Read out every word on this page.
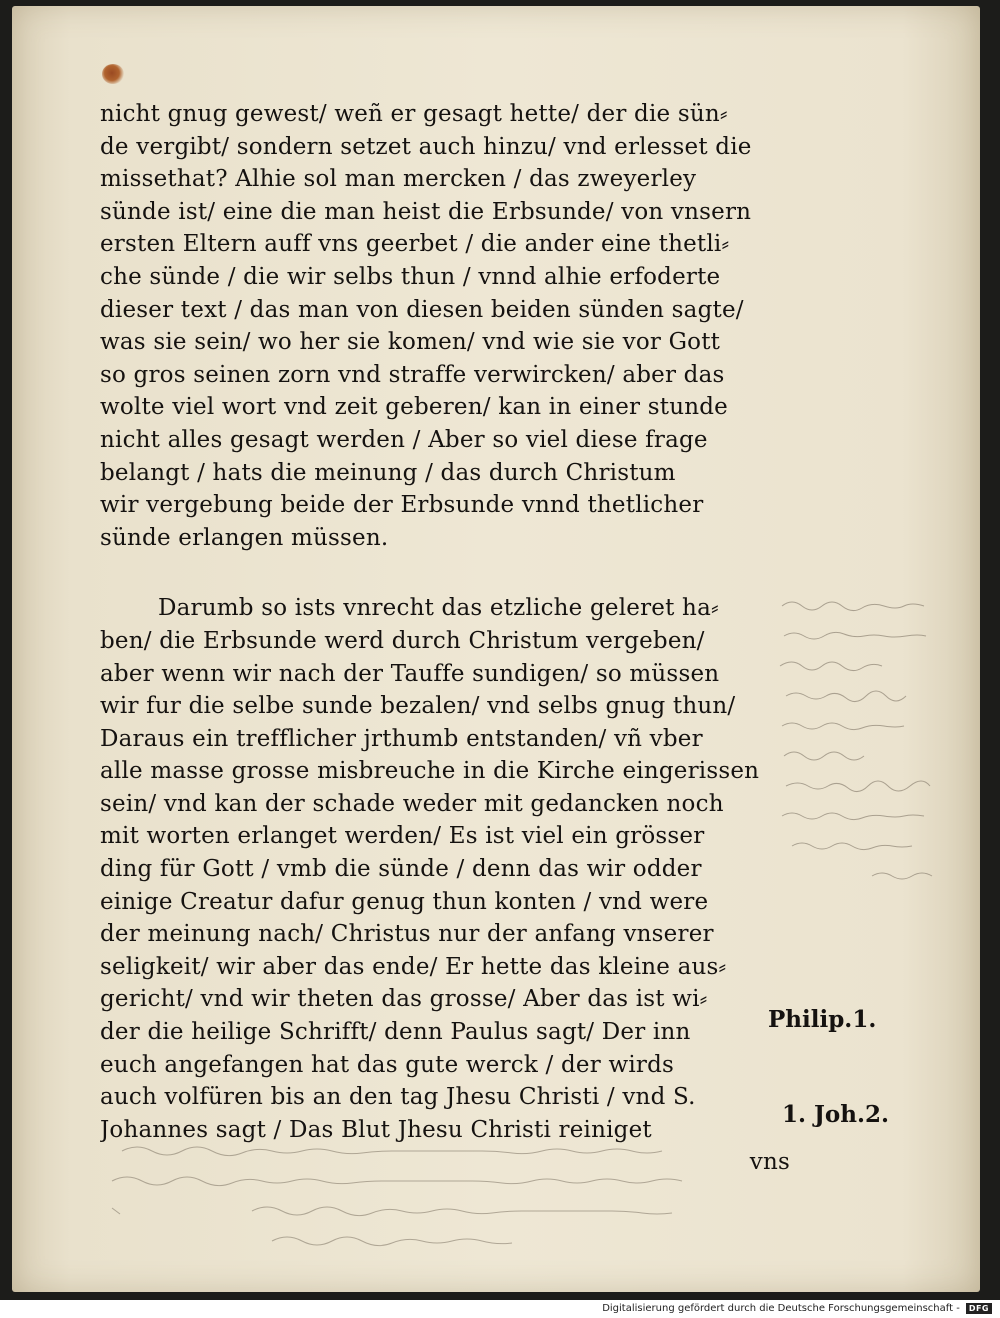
nicht gnug gewest/ weñ er gesagt hette/ der die sün⸗
de vergibt/ sondern setzet auch hinzu/ vnd erlesset die
missethat? Alhie sol man mercken / das zweyerley
sünde ist/ eine die man heist die Erbsunde/ von vnsern
ersten Eltern auff vns geerbet / die ander eine thetli⸗
che sünde / die wir selbs thun / vnnd alhie erfoderte
dieser text / das man von diesen beiden sünden sagte/
was sie sein/ wo her sie komen/ vnd wie sie vor Gott
so gros seinen zorn vnd straffe verwircken/ aber das
wolte viel wort vnd zeit geberen/ kan in einer stunde
nicht alles gesagt werden / Aber so viel diese frage
belangt / hats die meinung / das durch Christum
wir vergebung beide der Erbsunde vnnd thetlicher
sünde erlangen müssen.
Darumb so ists vnrecht das etzliche geleret ha⸗
ben/ die Erbsunde werd durch Christum vergeben/
aber wenn wir nach der Tauffe sundigen/ so müssen
wir fur die selbe sunde bezalen/ vnd selbs gnug thun/
Daraus ein trefflicher jrthumb entstanden/ vñ vber
alle masse grosse misbreuche in die Kirche eingerissen
sein/ vnd kan der schade weder mit gedancken noch
mit worten erlanget werden/ Es ist viel ein grösser
ding für Gott / vmb die sünde / denn das wir odder
einige Creatur dafur genug thun konten / vnd were
der meinung nach/ Christus nur der anfang vnserer
seligkeit/ wir aber das ende/ Er hette das kleine aus⸗
gericht/ vnd wir theten das grosse/ Aber das ist wi⸗
der die heilige Schrifft/ denn Paulus sagt/ Der inn
euch angefangen hat das gute werck / der wirds
auch volfüren bis an den tag Jhesu Christi / vnd S.
Johannes sagt / Das Blut Jhesu Christi reiniget
vns
Philip.1.
1. Joh.2.
Digitalisierung gefördert durch die Deutsche Forschungsgemeinschaft -	DFG
